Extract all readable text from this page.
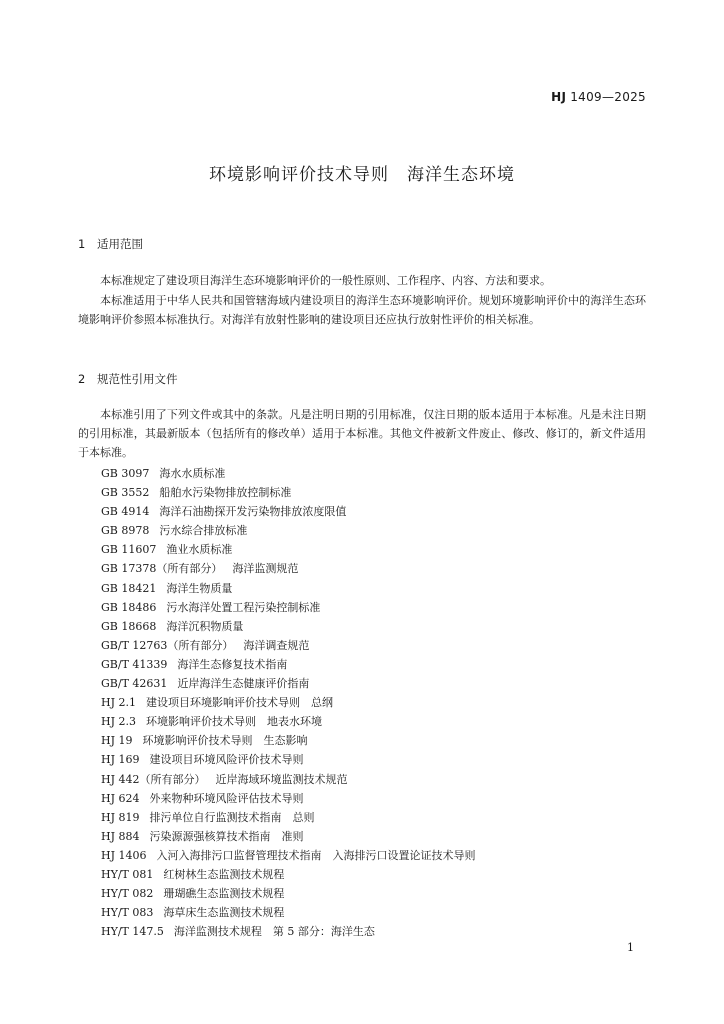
HJ 1409—2025
环境影响评价技术导则 海洋生态环境
1 适用范围

本标准规定了建设项目海洋生态环境影响评价的一般性原则、工作程序、内容、方法和要求。

本标准适用于中华人民共和国管辖海域内建设项目的海洋生态环境影响评价。规划环境影响评价中的海洋生态环境影响评价参照本标准执行。对海洋有放射性影响的建设项目还应执行放射性评价的相关标准。

2 规范性引用文件

本标准引用了下列文件或其中的条款。凡是注明日期的引用标准，仅注日期的版本适用于本标准。凡是未注日期的引用标准，其最新版本（包括所有的修改单）适用于本标准。其他文件被新文件废止、修改、修订的，新文件适用于本标准。

GB 3097 海水水质标准
GB 3552 船舶水污染物排放控制标准
GB 4914 海洋石油勘探开发污染物排放浓度限值
GB 8978 污水综合排放标准
GB 11607 渔业水质标准
GB 17378（所有部分） 海洋监测规范
GB 18421 海洋生物质量
GB 18486 污水海洋处置工程污染控制标准
GB 18668 海洋沉积物质量
GB/T 12763（所有部分） 海洋调查规范
GB/T 41339 海洋生态修复技术指南
GB/T 42631 近岸海洋生态健康评价指南
HJ 2.1 建设项目环境影响评价技术导则　总纲
HJ 2.3 环境影响评价技术导则　地表水环境
HJ 19 环境影响评价技术导则　生态影响
HJ 169 建设项目环境风险评价技术导则
HJ 442（所有部分） 近岸海域环境监测技术规范
HJ 624 外来物种环境风险评估技术导则
HJ 819 排污单位自行监测技术指南　总则
HJ 884 污染源源强核算技术指南　准则
HJ 1406 入河入海排污口监督管理技术指南　入海排污口设置论证技术导则
HY/T 081 红树林生态监测技术规程
HY/T 082 珊瑚礁生态监测技术规程
HY/T 083 海草床生态监测技术规程
HY/T 147.5 海洋监测技术规程　第 5 部分：海洋生态
1
